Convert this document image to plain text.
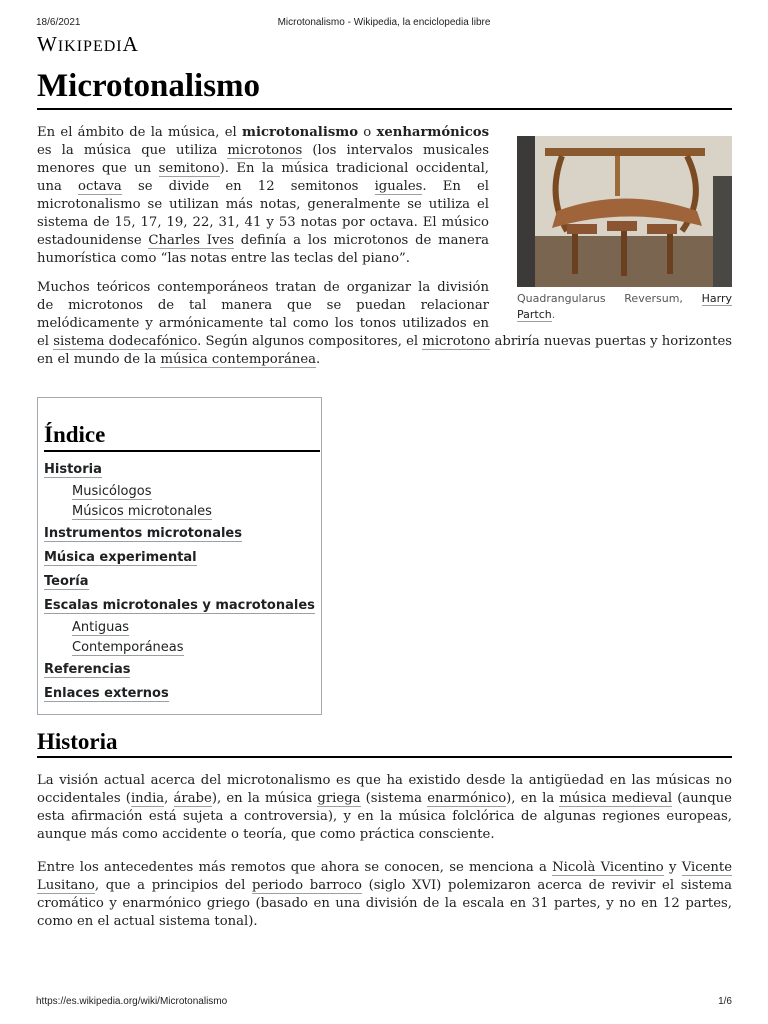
18/6/2021	Microtonalismo - Wikipedia, la enciclopedia libre
WIKIPEDIA
Microtonalismo
Quadrangularus Reversum, Harry Partch.

En el ámbito de la música, el microtonalismo o xenharmónicos es la música que utiliza microtonos (los intervalos musicales menores que un semitono). En la música tradicional occidental, una octava se divide en 12 semitonos iguales. En el microtonalismo se utilizan más notas, generalmente se utiliza el sistema de 15, 17, 19, 22, 31, 41 y 53 notas por octava. El músico estadounidense Charles Ives definía a los microtonos de manera humorística como “las notas entre las teclas del piano”.

Muchos teóricos contemporáneos tratan de organizar la división de microtonos de tal manera que se puedan relacionar melódicamente y armónicamente tal como los tonos utilizados en el sistema dodecafónico. Según algunos compositores, el microtono abriría nuevas puertas y horizontes en el mundo de la música contemporánea.

Índice
Historia
Musicólogos
Músicos microtonales
Instrumentos microtonales
Música experimental
Teoría
Escalas microtonales y macrotonales
Antiguas
Contemporáneas
Referencias
Enlaces externos
Historia

La visión actual acerca del microtonalismo es que ha existido desde la antigüedad en las músicas no occidentales (india, árabe), en la música griega (sistema enarmónico), en la música medieval (aunque esta afirmación está sujeta a controversia), y en la música folclórica de algunas regiones europeas, aunque más como accidente o teoría, que como práctica consciente.

Entre los antecedentes más remotos que ahora se conocen, se menciona a Nicolà Vicentino y Vicente Lusitano, que a principios del periodo barroco (siglo XVI) polemizaron acerca de revivir el sistema cromático y enarmónico griego (basado en una división de la escala en 31 partes, y no en 12 partes, como en el actual sistema tonal).

https://es.wikipedia.org/wiki/Microtonalismo	1/6
